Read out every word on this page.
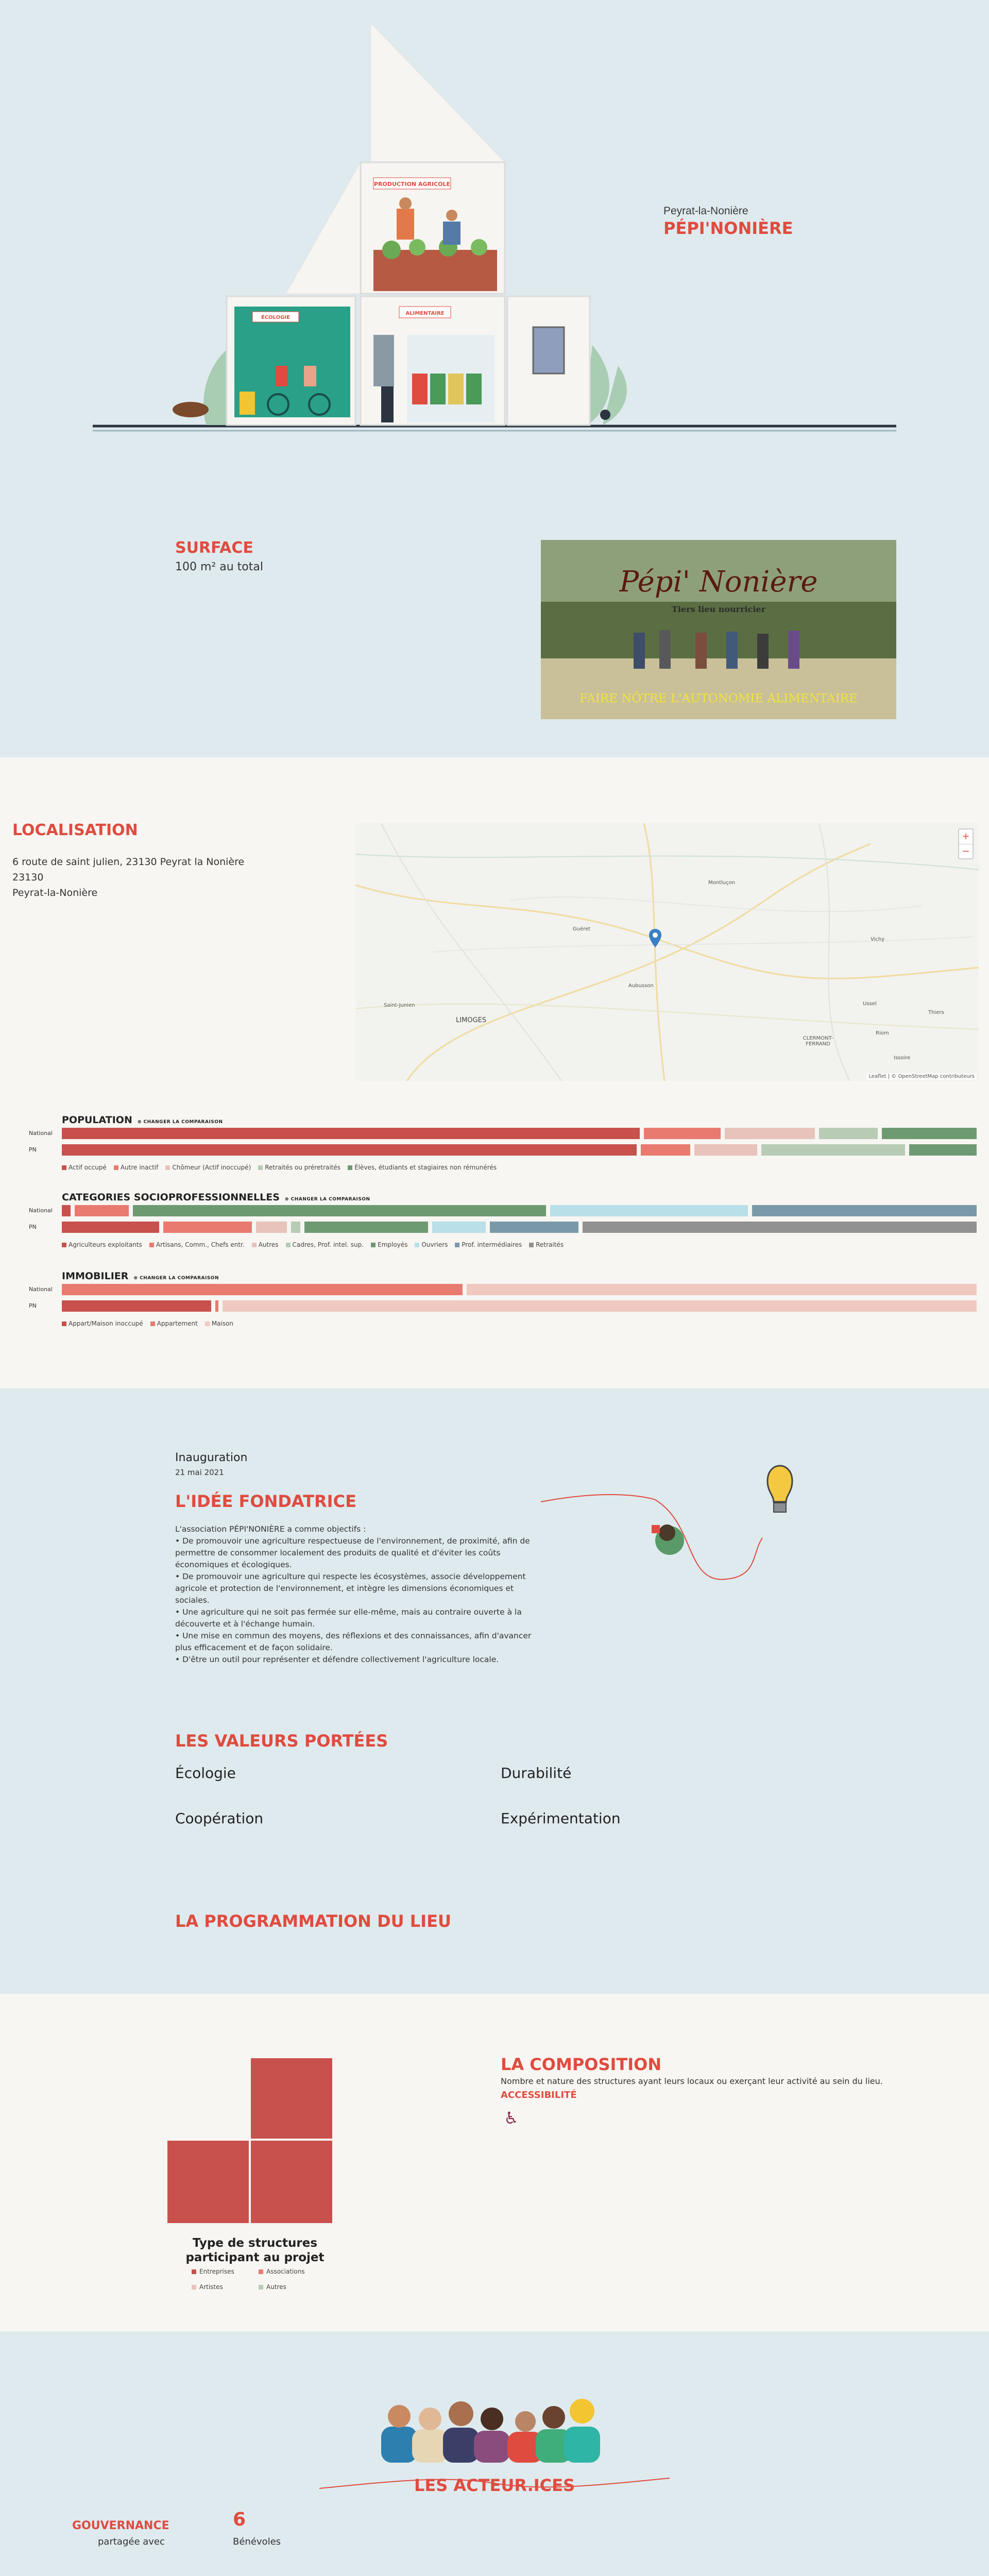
PRODUCTION AGRICOLE
ÉCOLOGIE
ALIMENTAIRE
Peyrat-la-Nonière
PÉPI'NONIÈRE
SURFACE
100 m² au total	Pépi' Nonière
Tiers lieu nourricier
FAIRE NÔTRE L'AUTONOMIE ALIMENTAIRE
LOCALISATION
6 route de saint julien, 23130 Peyrat la Nonière
23130
Peyrat-la-Nonière
Montluçon
Guéret
Aubusson
Ussel
LIMOGES
Saint-Junien
Riom
CLERMONT-FERRAND
Thiers
Vichy
Issoire
+
−
Leaflet | © OpenStreetMap contributeurs
POPULATION ⊕ CHANGER LA COMPARAISON
National
PN
Actif occupé	Autre inactif	Chômeur (Actif inoccupé)	Retraités ou préretraités	Élèves, étudiants et stagiaires non rémunérés
CATEGORIES SOCIOPROFESSIONNELLES ⊕ CHANGER LA COMPARAISON
National
PN
Agriculteurs exploitants	Artisans, Comm., Chefs entr.	Autres	Cadres, Prof. intel. sup.	Employés	Ouvriers	Prof. intermédiaires	Retraités
IMMOBILIER ⊕ CHANGER LA COMPARAISON
National
PN
Appart/Maison inoccupé	Appartement	Maison
Inauguration
21 mai 2021
L'IDÉE FONDATRICE
L'association PÉPI'NONIÈRE a comme objectifs :
• De promouvoir une agriculture respectueuse de l'environnement, de proximité, afin de permettre de consommer localement des produits de qualité et d'éviter les coûts économiques et écologiques.
• De promouvoir une agriculture qui respecte les écosystèmes, associe développement agricole et protection de l'environnement, et intègre les dimensions économiques et sociales.
• Une agriculture qui ne soit pas fermée sur elle-même, mais au contraire ouverte à la découverte et à l'échange humain.
• Une mise en commun des moyens, des réflexions et des connaissances, afin d'avancer plus efficacement et de façon solidaire.
• D'être un outil pour représenter et défendre collectivement l'agriculture locale.
LES VALEURS PORTÉES
Écologie	Durabilité
Coopération	Expérimentation
LA PROGRAMMATION DU LIEU
Type de structures participant au projet
Entreprises	Associations
Artistes	Autres
LA COMPOSITION
Nombre et nature des structures ayant leurs locaux ou exerçant leur activité au sein du lieu.
ACCESSIBILITÉ
♿
LES ACTEUR.ICES
GOUVERNANCE
partagée avec
6
Bénévoles
